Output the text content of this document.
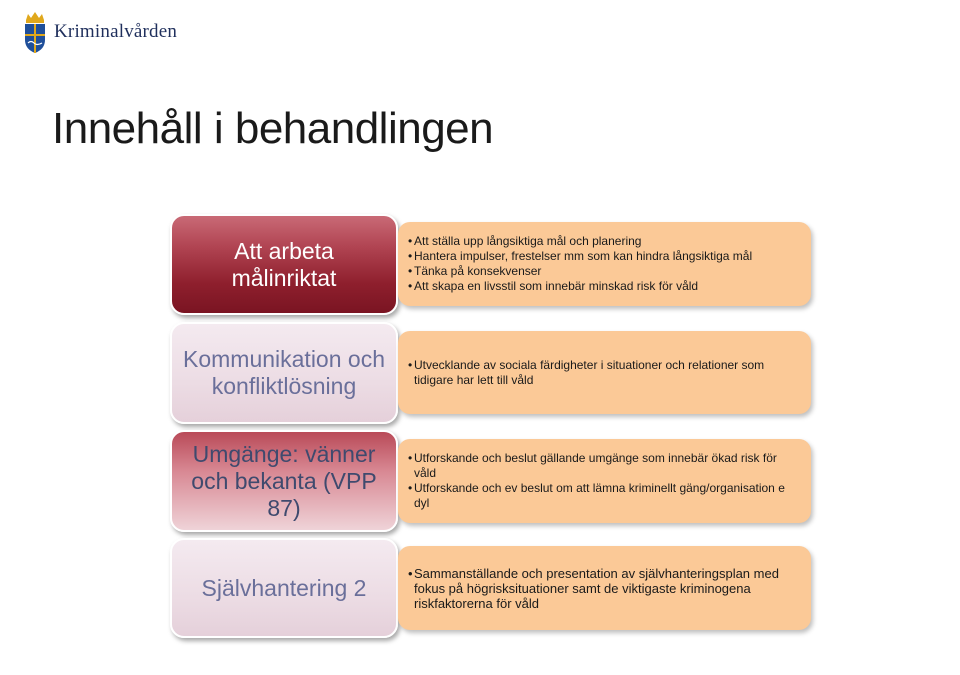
Kriminalvården
Innehåll i behandlingen
Att arbeta målinriktat
• Att ställa upp långsiktiga mål och planering
• Hantera impulser, frestelser mm som kan hindra långsiktiga mål
• Tänka på konsekvenser
• Att skapa en livsstil som innebär minskad risk för våld
Kommunikation och konfliktlösning
• Utvecklande av sociala färdigheter i situationer och relationer som tidigare har lett till våld
Umgänge: vänner och bekanta (VPP 87)
• Utforskande och beslut gällande umgänge som innebär ökad risk för våld
• Utforskande och ev beslut om att lämna kriminellt gäng/organisation e dyl
Självhantering 2
• Sammanställande och presentation av självhanteringsplan med fokus på högrisksituationer samt de viktigaste kriminogena riskfaktorerna för våld
